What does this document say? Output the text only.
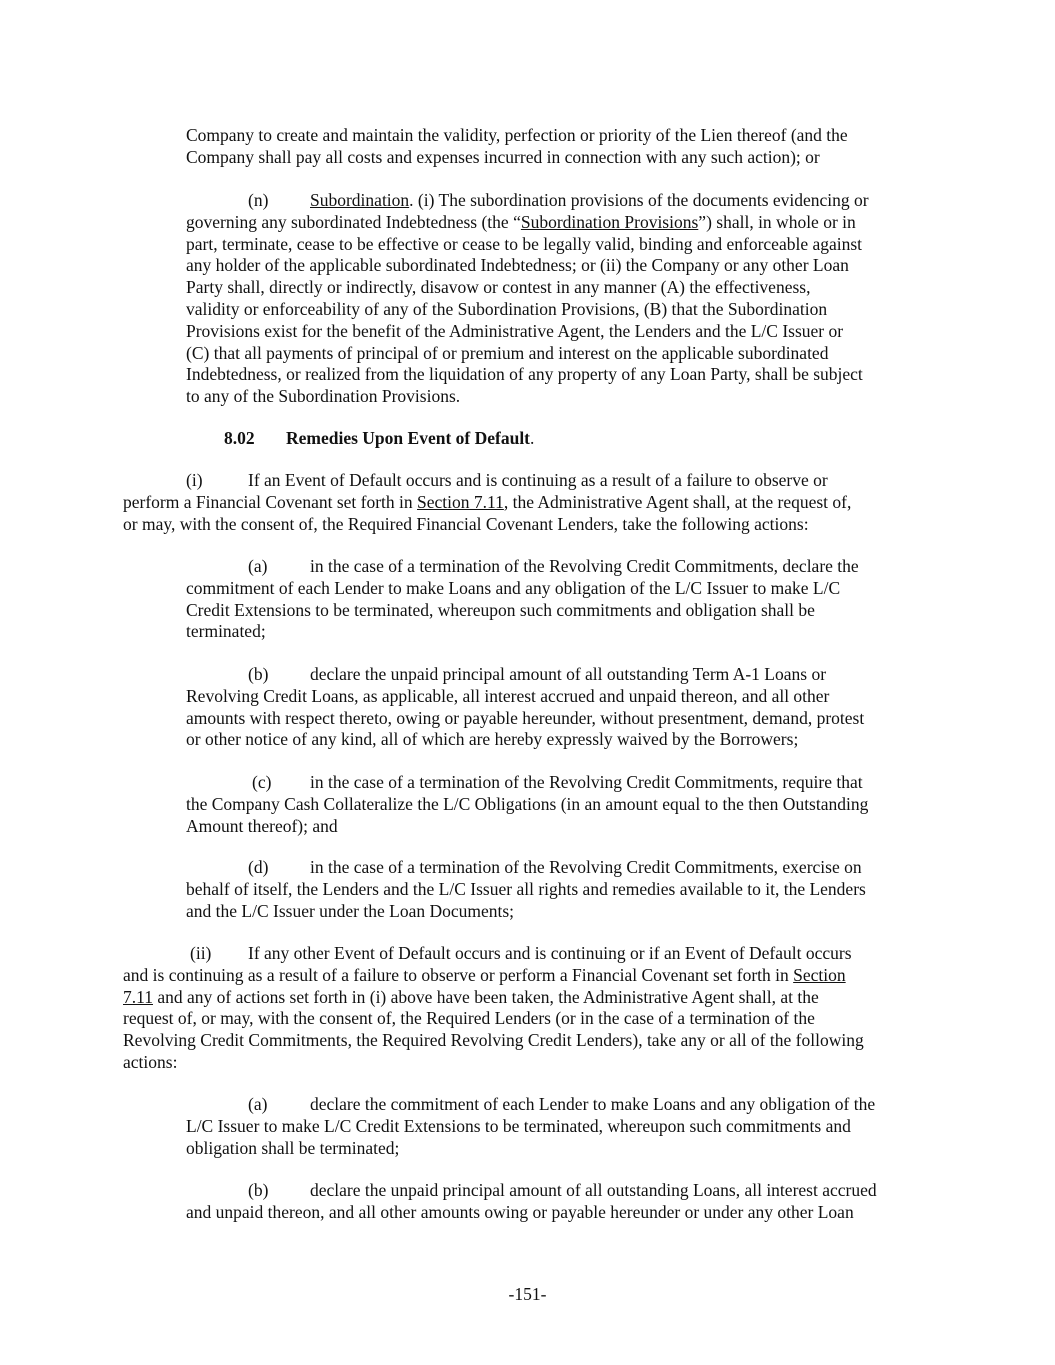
Company to create and maintain the validity, perfection or priority of the Lien thereof (and the
Company shall pay all costs and expenses incurred in connection with any such action); or
(n) Subordination. (i) The subordination provisions of the documents evidencing or
governing any subordinated Indebtedness (the “Subordination Provisions”) shall, in whole or in
part, terminate, cease to be effective or cease to be legally valid, binding and enforceable against
any holder of the applicable subordinated Indebtedness; or (ii) the Company or any other Loan
Party shall, directly or indirectly, disavow or contest in any manner (A) the effectiveness,
validity or enforceability of any of the Subordination Provisions, (B) that the Subordination
Provisions exist for the benefit of the Administrative Agent, the Lenders and the L/C Issuer or
(C) that all payments of principal of or premium and interest on the applicable subordinated
Indebtedness, or realized from the liquidation of any property of any Loan Party, shall be subject
to any of the Subordination Provisions.
8.02 Remedies Upon Event of Default.
(i)	If an Event of Default occurs and is continuing as a result of a failure to observe or
perform a Financial Covenant set forth in Section 7.11, the Administrative Agent shall, at the request of,
or may, with the consent of, the Required Financial Covenant Lenders, take the following actions:
(a) in the case of a termination of the Revolving Credit Commitments, declare the
commitment of each Lender to make Loans and any obligation of the L/C Issuer to make L/C
Credit Extensions to be terminated, whereupon such commitments and obligation shall be
terminated;
(b) declare the unpaid principal amount of all outstanding Term A-1 Loans or
Revolving Credit Loans, as applicable, all interest accrued and unpaid thereon, and all other
amounts with respect thereto, owing or payable hereunder, without presentment, demand, protest
or other notice of any kind, all of which are hereby expressly waived by the Borrowers;
(c) in the case of a termination of the Revolving Credit Commitments, require that
the Company Cash Collateralize the L/C Obligations (in an amount equal to the then Outstanding
Amount thereof); and
(d) in the case of a termination of the Revolving Credit Commitments, exercise on
behalf of itself, the Lenders and the L/C Issuer all rights and remedies available to it, the Lenders
and the L/C Issuer under the Loan Documents;
(ii) If any other Event of Default occurs and is continuing or if an Event of Default occurs
and is continuing as a result of a failure to observe or perform a Financial Covenant set forth in Section
7.11 and any of actions set forth in (i) above have been taken, the Administrative Agent shall, at the
request of, or may, with the consent of, the Required Lenders (or in the case of a termination of the
Revolving Credit Commitments, the Required Revolving Credit Lenders), take any or all of the following
actions:
(a) declare the commitment of each Lender to make Loans and any obligation of the
L/C Issuer to make L/C Credit Extensions to be terminated, whereupon such commitments and
obligation shall be terminated;
(b) declare the unpaid principal amount of all outstanding Loans, all interest accrued
and unpaid thereon, and all other amounts owing or payable hereunder or under any other Loan
-151-
